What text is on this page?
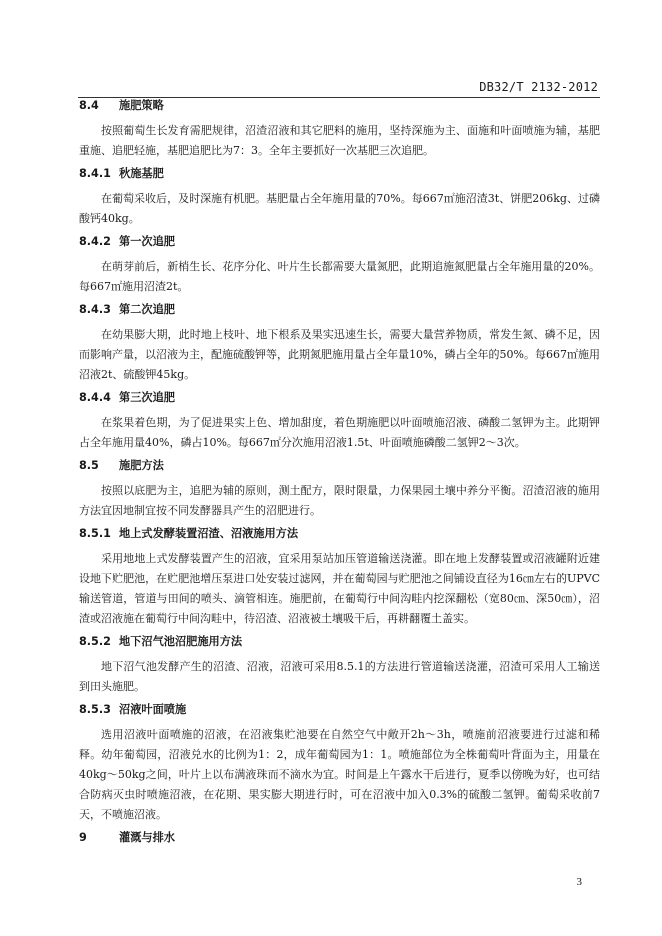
DB32/T 2132-2012
8.4 施肥策略

按照葡萄生长发育需肥规律，沼渣沼液和其它肥料的施用，坚持深施为主、面施和叶面喷施为辅，基肥重施、追肥轻施，基肥追肥比为7：3。全年主要抓好一次基肥三次追肥。

8.4.1 秋施基肥

在葡萄采收后，及时深施有机肥。基肥量占全年施用量的70%。每667㎡施沼渣3t、饼肥206kg、过磷酸钙40kg。

8.4.2 第一次追肥

在萌芽前后，新梢生长、花序分化、叶片生长都需要大量氮肥，此期追施氮肥量占全年施用量的20%。每667㎡施用沼渣2t。

8.4.3 第二次追肥

在幼果膨大期，此时地上枝叶、地下根系及果实迅速生长，需要大量营养物质，常发生氮、磷不足，因而影响产量，以沼液为主，配施硫酸钾等，此期氮肥施用量占全年量10%，磷占全年的50%。每667㎡施用沼液2t、硫酸钾45kg。

8.4.4 第三次追肥

在浆果着色期，为了促进果实上色、增加甜度，着色期施肥以叶面喷施沼液、磷酸二氢钾为主。此期钾占全年施用量40%，磷占10%。每667㎡分次施用沼液1.5t、叶面喷施磷酸二氢钾2～3次。

8.5 施肥方法

按照以底肥为主，追肥为辅的原则，测土配方，限时限量，力保果园土壤中养分平衡。沼渣沼液的施用方法宜因地制宜按不同发酵器具产生的沼肥进行。

8.5.1 地上式发酵装置沼渣、沼液施用方法

采用地地上式发酵装置产生的沼液，宜采用泵站加压管道输送浇灌。即在地上发酵装置或沼液罐附近建设地下贮肥池，在贮肥池增压泵进口处安装过滤网，并在葡萄园与贮肥池之间铺设直径为16㎝左右的UPVC输送管道，管道与田间的喷头、滴管相连。施肥前，在葡萄行中间沟畦内挖深翻松（宽80㎝、深50㎝），沼渣或沼液施在葡萄行中间沟畦中，待沼渣、沼液被土壤吸干后，再耕翻覆土盖实。

8.5.2 地下沼气池沼肥施用方法

地下沼气池发酵产生的沼渣、沼液，沼液可采用8.5.1的方法进行管道输送浇灌，沼渣可采用人工输送到田头施肥。

8.5.3 沼液叶面喷施

选用沼液叶面喷施的沼液，在沼液集贮池要在自然空气中敞开2h～3h，喷施前沼液要进行过滤和稀释。幼年葡萄园，沼液兑水的比例为1：2，成年葡萄园为1：1。喷施部位为全株葡萄叶背面为主，用量在40kg～50kg之间，叶片上以布满液珠而不滴水为宜。时间是上午露水干后进行，夏季以傍晚为好，也可结合防病灭虫时喷施沼液，在花期、果实膨大期进行时，可在沼液中加入0.3%的硫酸二氢钾。葡萄采收前7天，不喷施沼液。

9	灌溉与排水
3
